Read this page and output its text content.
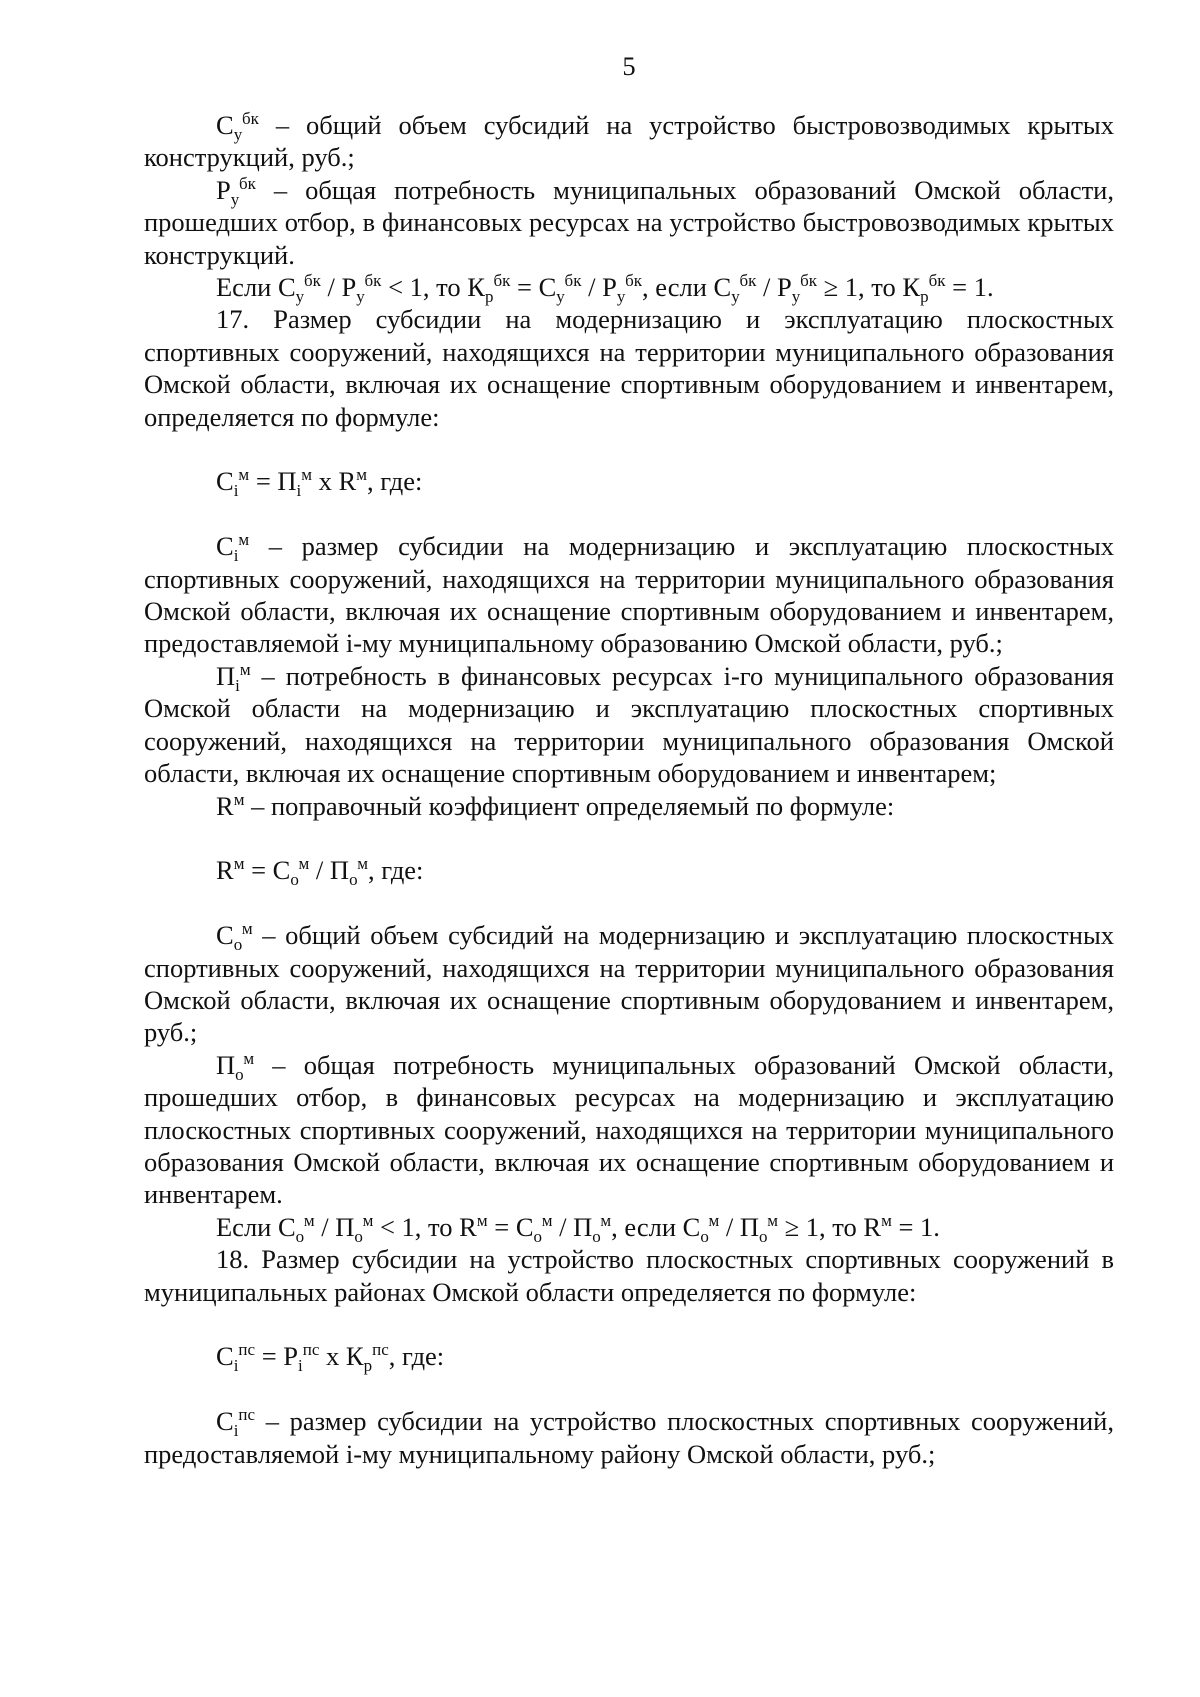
5

$С_у^{бк}$ – общий объем субсидий на устройство быстровозводимых крытых конструкций, руб.;

$Р_у^{бк}$ – общая потребность муниципальных образований Омской области, прошедших отбор, в финансовых ресурсах на устройство быстровозводимых крытых конструкций.

Если $С_у^{бк} / Р_у^{бк} < 1$, то $К_р^{бк} = С_у^{бк} / Р_у^{бк}$, если $С_у^{бк} / Р_у^{бк} \ge 1$, то $К_р^{бк} = 1$.

17. Размер субсидии на модернизацию и эксплуатацию плоскостных спортивных сооружений, находящихся на территории муниципального образования Омской области, включая их оснащение спортивным оборудованием и инвентарем, определяется по формуле:

$С_i^м = П_i^м$ х $R^м$, где:

$С_i^м$ – размер субсидии на модернизацию и эксплуатацию плоскостных спортивных сооружений, находящихся на территории муниципального образования Омской области, включая их оснащение спортивным оборудованием и инвентарем, предоставляемой i-му муниципальному образованию Омской области, руб.;

$П_i^м$ – потребность в финансовых ресурсах i-го муниципального образования Омской области на модернизацию и эксплуатацию плоскостных спортивных сооружений, находящихся на территории муниципального образования Омской области, включая их оснащение спортивным оборудованием и инвентарем;

$R^м$ – поправочный коэффициент определяемый по формуле:

$R^м = С_о^м / П_о^м$, где:

$С_о^м$ – общий объем субсидий на модернизацию и эксплуатацию плоскостных спортивных сооружений, находящихся на территории муниципального образования Омской области, включая их оснащение спортивным оборудованием и инвентарем, руб.;

$П_о^м$ – общая потребность муниципальных образований Омской области, прошедших отбор, в финансовых ресурсах на модернизацию и эксплуатацию плоскостных спортивных сооружений, находящихся на территории муниципального образования Омской области, включая их оснащение спортивным оборудованием и инвентарем.

Если $С_о^м / П_о^м < 1$, то $R^м = С_о^м / П_о^м$, если $С_о^м / П_о^м \ge 1$, то $R^м = 1$.

18. Размер субсидии на устройство плоскостных спортивных сооружений в муниципальных районах Омской области определяется по формуле:

$С_i^{пс} = Р_i^{пс}$ х $К_р^{пс}$, где:

$С_i^{пс}$ – размер субсидии на устройство плоскостных спортивных сооружений, предоставляемой i-му муниципальному району Омской области, руб.;
